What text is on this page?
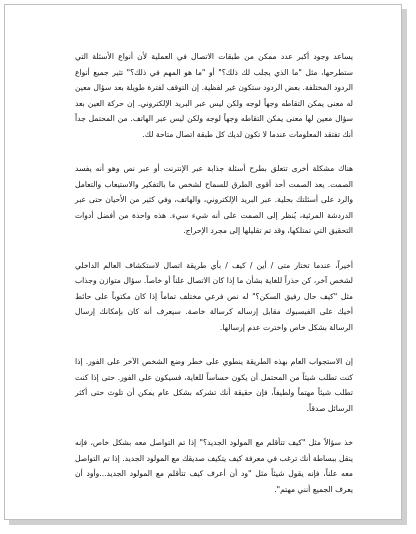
يساعد وجود أكبر عدد ممكن من طبقات الاتصال في العملية لأن أنواع الأسئلة التي ستطرحها، مثل "ما الذي يجلب لك ذلك؟" أو "ما هو المهم في ذلك؟" تثير جميع أنواع الردود المختلفة. بعض الردود ستكون غير لفظية. إن التوقف لفترة طويلة بعد سؤال معين له معنى يمكن التقاطه وجهاً لوجه ولكن ليس عبر البريد الإلكتروني. إن حركة العين بعد سؤال معين لها معنى يمكن التقاطه وجهاً لوجه ولكن ليس عبر الهاتف. من المحتمل جداً أنك تفتقد المعلومات عندما لا تكون لديك كل طبقة اتصال متاحة لك.

هناك مشكلة أخرى تتعلق بطرح أسئلة جذابة عبر الإنترنت أو عبر نص وهو أنه يفسد الصمت. يعد الصمت أحد أقوى الطرق للسماح لشخص ما بالتفكير والاستيعاب والتعامل والرد على أسئلتك بحلية. عبر البريد الإلكتروني، والهاتف، وفي كثير من الأحيان حتى عبر الدردشة المرئية، يُنظر إلى الصمت على أنه شيء سيء. هذه واحدة من أفضل أدوات التحقيق التي تمتلكها، وقد تم تقليلها إلى مجرد الإحراج.

أخيراً، عندما تختار متى / أين / كيف / بأي طريقة اتصال لاستكشاف العالم الداخلي لشخص آخر، كن حذراً للغاية بشأن ما إذا كان الاتصال علناً أو خاصاً. سؤال متوازن وجذاب مثل "كيف حال رفيق السكن؟" له نص فرعي مختلف تماماً إذا كان مكتوباً على حائط أخيك على الفيسبوك مقابل إرساله كرسالة خاصة. سيعرف أنه كان بإمكانك إرسال الرسالة بشكل خاص واخترت عدم إرسالها.

إن الاستجواب العام بهذه الطريقة ينطوي على خطر وضع الشخص الآخر على الفور. إذا كنت تطلب شيئاً من المحتمل أن يكون حساساً للغاية، فسيكون على الفور. حتى إذا كنت تطلب شيئاً مهتماً ولطيفاً، فإن حقيقة أنك تشركه بشكل عام يمكن أن تلوث حتى أكثر الرسائل صدقاً.

خذ سؤالاً مثل "كيف تتأقلم مع المولود الجديد؟" إذا تم التواصل معه بشكل خاص، فإنه ينقل ببساطة أنك ترغب في معرفة كيف يتكيف صديقك مع المولود الجديد. إذا تم التواصل معه علناً، فإنه يقول شيئاً مثل "ود أن أعرف كيف تتأقلم مع المولود الجديد...وأود أن يعرف الجميع أنني مهتم".
